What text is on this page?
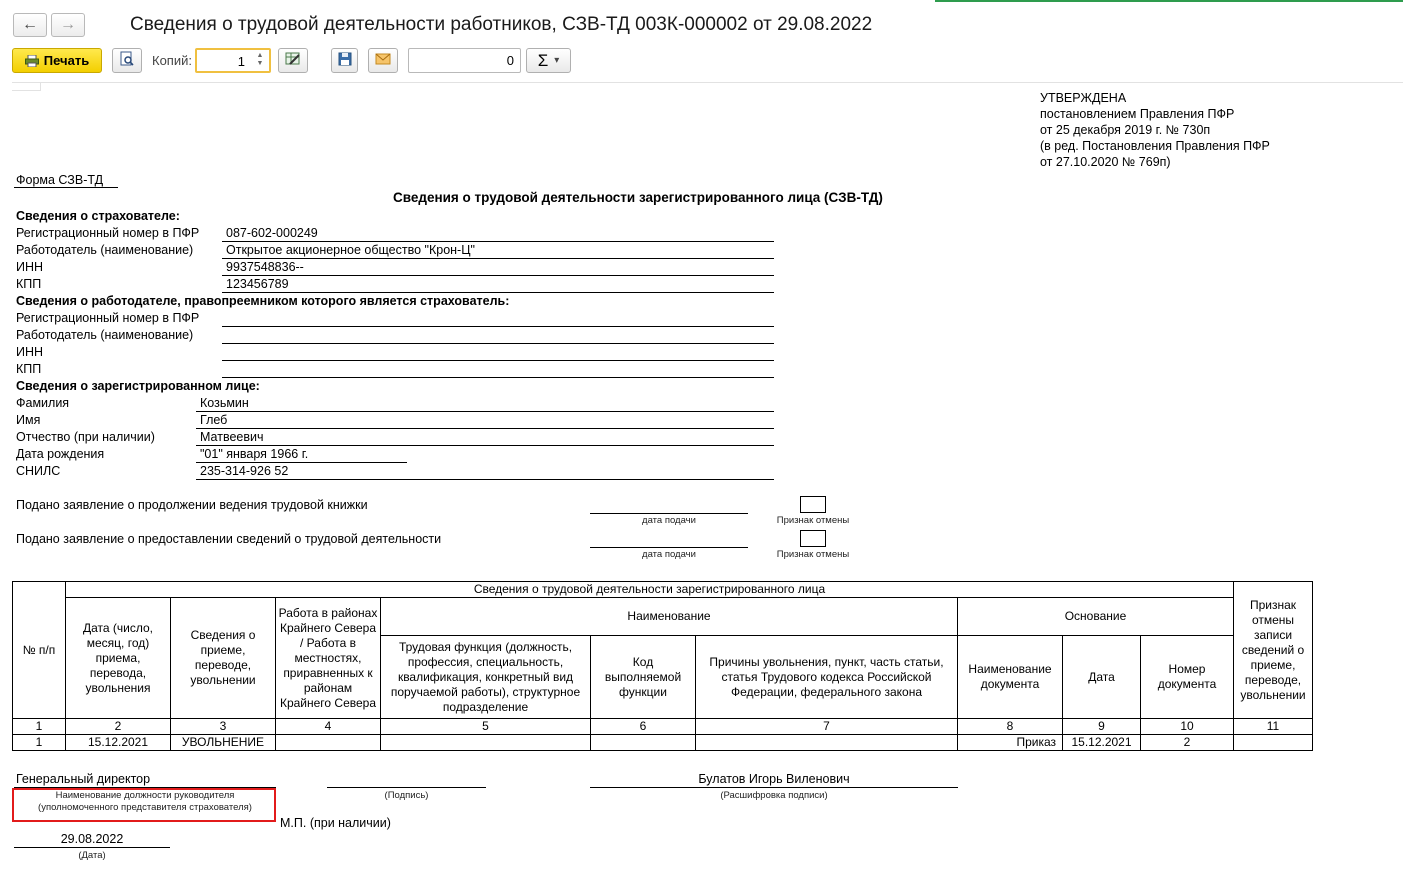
← →	Сведения о трудовой деятельности работников, СЗВ-ТД 003К-000002 от 29.08.2022
Печать	Копий:	1	▲
▼	0 Σ ▾
УТВЕРЖДЕНА
постановлением Правления ПФР
от 25 декабря 2019 г. № 730п
(в ред. Постановления Правления ПФР
от 27.10.2020 № 769п)
Форма СЗВ-ТД
Сведения о трудовой деятельности зарегистрированного лица (СЗВ-ТД)
Сведения о страхователе:
Регистрационный номер в ПФР 087-602-000249
Работодатель (наименование)	Открытое акционерное общество "Крон-Ц"
ИНН	9937548836--
КПП	123456789
Сведения о работодателе, правопреемником которого является страхователь:
Регистрационный номер в ПФР
Работодатель (наименование)
ИНН
КПП
Сведения о зарегистрированном лице:
Фамилия	Козьмин
Имя	Глеб
Отчество (при наличии)	Матвеевич
Дата рождения	"01" января 1966 г.
СНИЛС	235-314-926 52
Подано заявление о продолжении ведения трудовой книжки
дата подачи	Признак отмены
Подано заявление о предоставлении сведений о трудовой деятельности
дата подачи	Признак отмены
№ п/п	Сведения о трудовой деятельности зарегистрированного лица									Признак отмены записи сведений о приеме, переводе, увольнении
	Дата (число, месяц, год) приема, перевода, увольнения	Сведения о приеме, переводе, увольнении	Работа в районах Крайнего Севера / Работа в местностях, приравненных к районам Крайнего Севера	Наименование			Основание			
				Трудовая функция (должность, профессия, специальность, квалификация, конкретный вид поручаемой работы), структурное подразделение	Код выполняемой функции	Причины увольнения, пункт, часть статьи, статья Трудового кодекса Российской Федерации, федерального закона	Наименование документа	Дата	Номер документа	
1	2	3	4	5	6	7	8	9	10	11
1	15.12.2021	УВОЛЬНЕНИЕ					Приказ	15.12.2021	2	
Генеральный директор
Наименование должности руководителя
(уполномоченного представителя страхователя)
(Подпись)
Булатов Игорь Виленович
(Расшифровка подписи)
М.П. (при наличии)
29.08.2022
(Дата)
